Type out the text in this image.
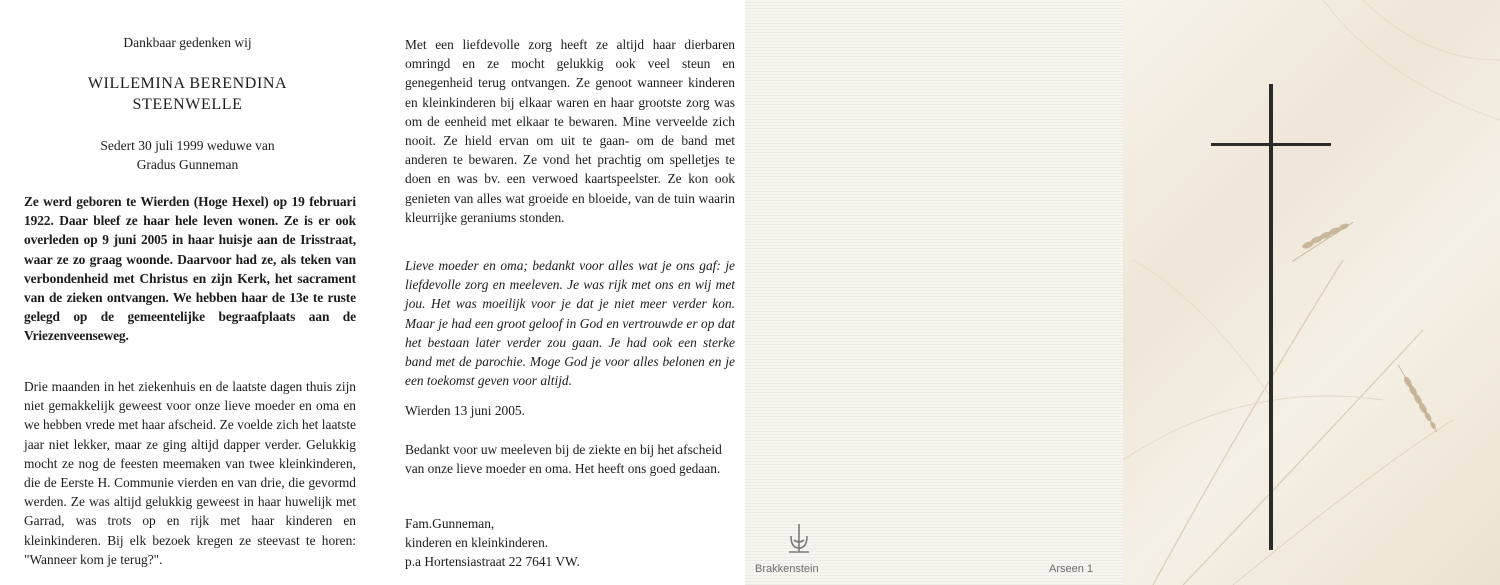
Dankbaar gedenken wij
WILLEMINA BERENDINA
STEENWELLE
Sedert 30 juli 1999 weduwe van
Gradus Gunneman
Ze werd geboren te Wierden (Hoge Hexel) op 19 februari 1922. Daar bleef ze haar hele leven wonen. Ze is er ook overleden op 9 juni 2005 in haar huisje aan de Irisstraat, waar ze zo graag woonde. Daarvoor had ze, als teken van verbondenheid met Christus en zijn Kerk, het sacrament van de zieken ontvangen. We hebben haar de 13e te ruste gelegd op de gemeentelijke begraafplaats aan de Vriezenveenseweg.
Drie maanden in het ziekenhuis en de laatste dagen thuis zijn niet gemakkelijk geweest voor onze lieve moeder en oma en we hebben vrede met haar afscheid. Ze voelde zich het laatste jaar niet lekker, maar ze ging altijd dapper verder. Gelukkig mocht ze nog de feesten meemaken van twee kleinkinderen, die de Eerste H. Communie vierden en van drie, die gevormd werden. Ze was altijd gelukkig geweest in haar huwelijk met Garrad, was trots op en rijk met haar kinderen en kleinkinderen. Bij elk bezoek kregen ze steevast te horen: "Wanneer kom je terug?".
Met een liefdevolle zorg heeft ze altijd haar dierbaren omringd en ze mocht gelukkig ook veel steun en genegenheid terug ontvangen. Ze genoot wanneer kinderen en kleinkinderen bij elkaar waren en haar grootste zorg was om de eenheid met elkaar te bewaren. Mine verveelde zich nooit. Ze hield ervan om uit te gaan- om de band met anderen te bewaren. Ze vond het prachtig om spelletjes te doen en was bv. een verwoed kaartspeelster. Ze kon ook genieten van alles wat groeide en bloeide, van de tuin waarin kleurrijke geraniums stonden.
Lieve moeder en oma; bedankt voor alles wat je ons gaf: je liefdevolle zorg en meeleven. Je was rijk met ons en wij met jou. Het was moeilijk voor je dat je niet meer verder kon. Maar je had een groot geloof in God en vertrouwde er op dat het bestaan later verder zou gaan. Je had ook een sterke band met de parochie. Moge God je voor alles belonen en je een toekomst geven voor altijd.
Wierden 13 juni 2005.
Bedankt voor uw meeleven bij de ziekte en bij het afscheid van onze lieve moeder en oma. Het heeft ons goed gedaan.
Fam.Gunneman,
kinderen en kleinkinderen.
p.a Hortensiastraat 22 7641 VW.	Brakkenstein	Arseen 1
